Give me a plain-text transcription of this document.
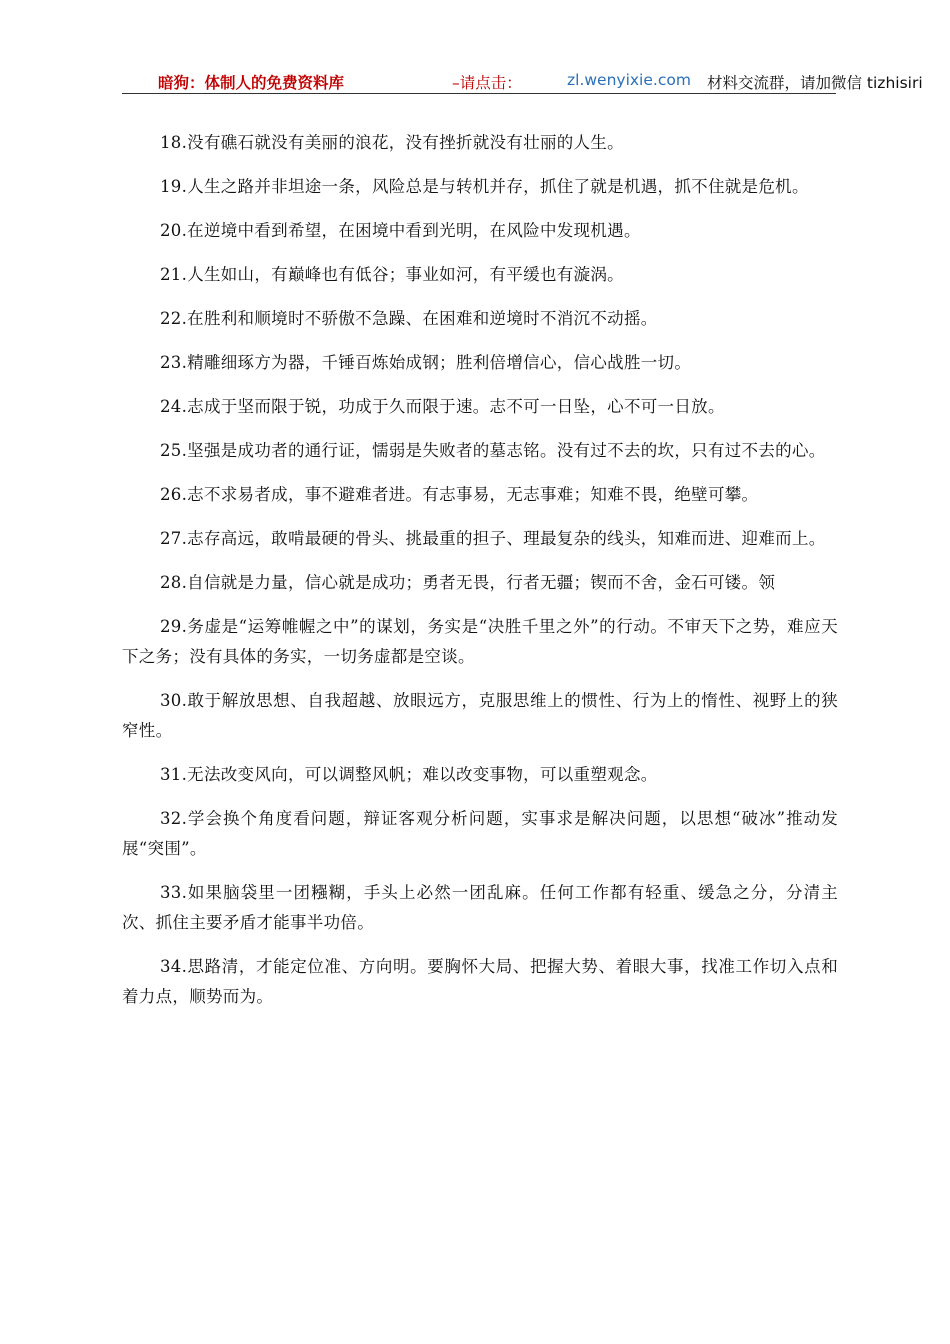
暗狗：体制人的免费资料库	–请点击：	zl.wenyixie.com 材料交流群，请加微信 tizhisiri

18.没有礁石就没有美丽的浪花，没有挫折就没有壮丽的人生。

19.人生之路并非坦途一条，风险总是与转机并存，抓住了就是机遇，抓不住就是危机。

20.在逆境中看到希望，在困境中看到光明，在风险中发现机遇。

21.人生如山，有巅峰也有低谷；事业如河，有平缓也有漩涡。

22.在胜利和顺境时不骄傲不急躁、在困难和逆境时不消沉不动摇。

23.精雕细琢方为器，千锤百炼始成钢；胜利倍增信心，信心战胜一切。

24.志成于坚而限于锐，功成于久而限于速。志不可一日坠，心不可一日放。

25.坚强是成功者的通行证，懦弱是失败者的墓志铭。没有过不去的坎，只有过不去的心。

26.志不求易者成，事不避难者进。有志事易，无志事难；知难不畏，绝壁可攀。

27.志存高远，敢啃最硬的骨头、挑最重的担子、理最复杂的线头，知难而进、迎难而上。

28.自信就是力量，信心就是成功；勇者无畏，行者无疆；锲而不舍，金石可镂。领

29.务虚是“运筹帷幄之中”的谋划，务实是“决胜千里之外”的行动。不审天下之势，难应天下之务；没有具体的务实，一切务虚都是空谈。

30.敢于解放思想、自我超越、放眼远方，克服思维上的惯性、行为上的惰性、视野上的狭窄性。

31.无法改变风向，可以调整风帆；难以改变事物，可以重塑观念。

32.学会换个角度看问题，辩证客观分析问题，实事求是解决问题，以思想“破冰”推动发展“突围”。

33.如果脑袋里一团糨糊，手头上必然一团乱麻。任何工作都有轻重、缓急之分，分清主次、抓住主要矛盾才能事半功倍。

34.思路清，才能定位准、方向明。要胸怀大局、把握大势、着眼大事，找准工作切入点和着力点，顺势而为。
